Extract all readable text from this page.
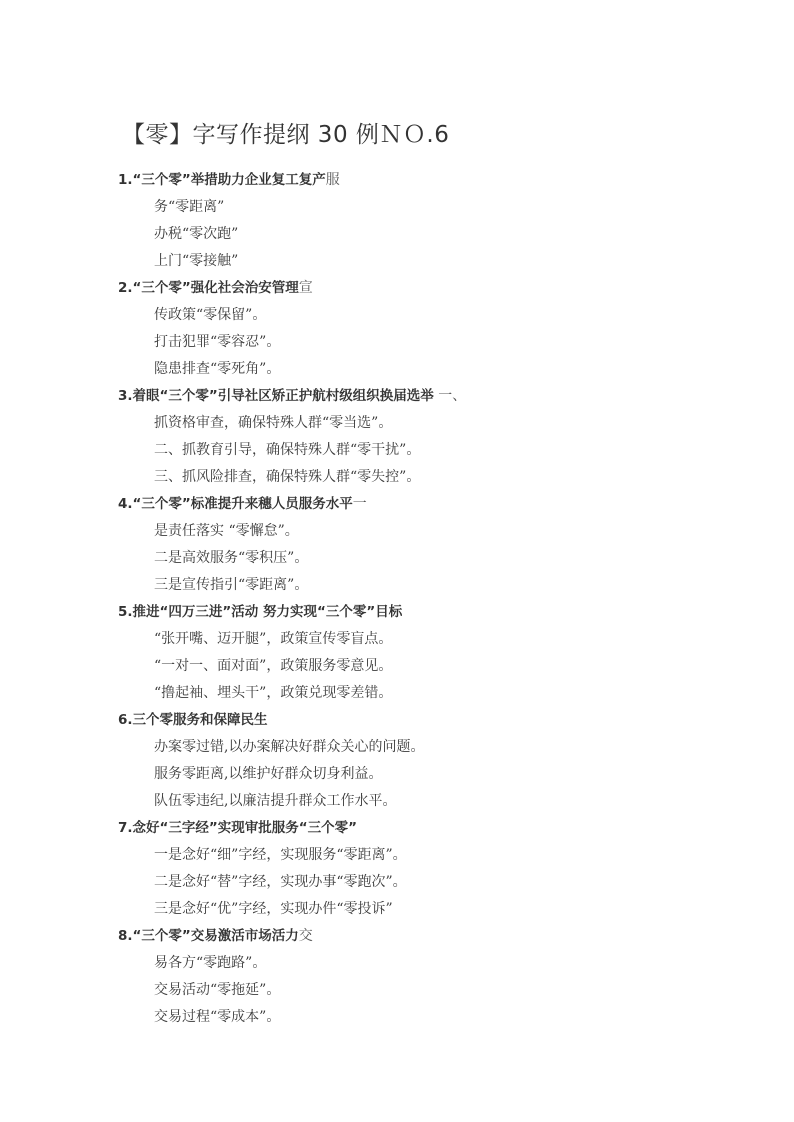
【零】字写作提纲 30 例ＮＯ.6
1.“三个零”举措助力企业复工复产服
务“零距离”
办税“零次跑”
上门“零接触”
2.“三个零”强化社会治安管理宣
传政策“零保留”。
打击犯罪“零容忍”。
隐患排查“零死角”。
3.着眼“三个零”引导社区矫正护航村级组织换届选举 一、
抓资格审查，确保特殊人群“零当选”。
二、抓教育引导，确保特殊人群“零干扰”。
三、抓风险排查，确保特殊人群“零失控”。
4.“三个零”标准提升来穗人员服务水平一
是责任落实 “零懈怠”。
二是高效服务“零积压”。
三是宣传指引“零距离”。
5.推进“四万三进”活动 努力实现“三个零”目标
“张开嘴、迈开腿”，政策宣传零盲点。
“一对一、面对面”，政策服务零意见。
“撸起袖、埋头干”，政策兑现零差错。
6.三个零服务和保障民生
办案零过错,以办案解决好群众关心的问题。
服务零距离,以维护好群众切身利益。
队伍零违纪,以廉洁提升群众工作水平。
7.念好“三字经”实现审批服务“三个零”
一是念好“细”字经，实现服务“零距离”。
二是念好“替”字经，实现办事“零跑次”。
三是念好“优”字经，实现办件“零投诉”
8.“三个零”交易激活市场活力交
易各方“零跑路”。
交易活动“零拖延”。
交易过程“零成本”。
